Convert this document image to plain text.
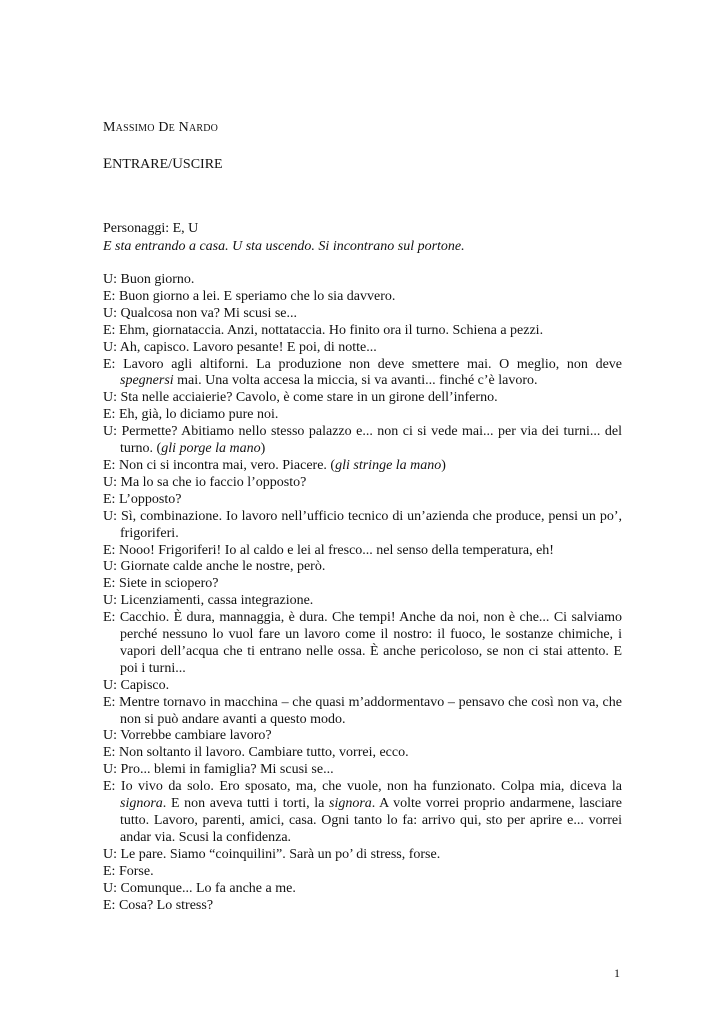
Massimo De Nardo

ENTRARE/USCIRE

Personaggi: E, U

E sta entrando a casa. U sta uscendo. Si incontrano sul portone.

U: Buon giorno.
E: Buon giorno a lei. E speriamo che lo sia davvero.
U: Qualcosa non va? Mi scusi se...
E: Ehm, giornataccia. Anzi, nottataccia. Ho finito ora il turno. Schiena a pezzi.
U: Ah, capisco. Lavoro pesante! E poi, di notte...
E: Lavoro agli altiforni. La produzione non deve smettere mai. O meglio, non deve spegnersi mai. Una volta accesa la miccia, si va avanti... finché c’è lavoro.
U: Sta nelle acciaierie? Cavolo, è come stare in un girone dell’inferno.
E: Eh, già, lo diciamo pure noi.
U: Permette? Abitiamo nello stesso palazzo e... non ci si vede mai... per via dei turni... del turno. (gli porge la mano)
E: Non ci si incontra mai, vero. Piacere. (gli stringe la mano)
U: Ma lo sa che io faccio l’opposto?
E: L’opposto?
U: Sì, combinazione. Io lavoro nell’ufficio tecnico di un’azienda che produce, pensi un po’, frigoriferi.
E: Nooo! Frigoriferi! Io al caldo e lei al fresco... nel senso della temperatura, eh!
U: Giornate calde anche le nostre, però.
E: Siete in sciopero?
U: Licenziamenti, cassa integrazione.
E: Cacchio. È dura, mannaggia, è dura. Che tempi! Anche da noi, non è che... Ci salviamo perché nessuno lo vuol fare un lavoro come il nostro: il fuoco, le sostanze chimiche, i vapori dell’acqua che ti entrano nelle ossa. È anche pericoloso, se non ci stai attento. E poi i turni...
U: Capisco.
E: Mentre tornavo in macchina – che quasi m’addormentavo – pensavo che così non va, che non si può andare avanti a questo modo.
U: Vorrebbe cambiare lavoro?
E: Non soltanto il lavoro. Cambiare tutto, vorrei, ecco.
U: Pro... blemi in famiglia? Mi scusi se...
E: Io vivo da solo. Ero sposato, ma, che vuole, non ha funzionato. Colpa mia, diceva la signora. E non aveva tutti i torti, la signora. A volte vorrei proprio andarmene, lasciare tutto. Lavoro, parenti, amici, casa. Ogni tanto lo fa: arrivo qui, sto per aprire e... vorrei andar via. Scusi la confidenza.
U: Le pare. Siamo “coinquilini”. Sarà un po’ di stress, forse.
E: Forse.
U: Comunque... Lo fa anche a me.
E: Cosa? Lo stress?
1
